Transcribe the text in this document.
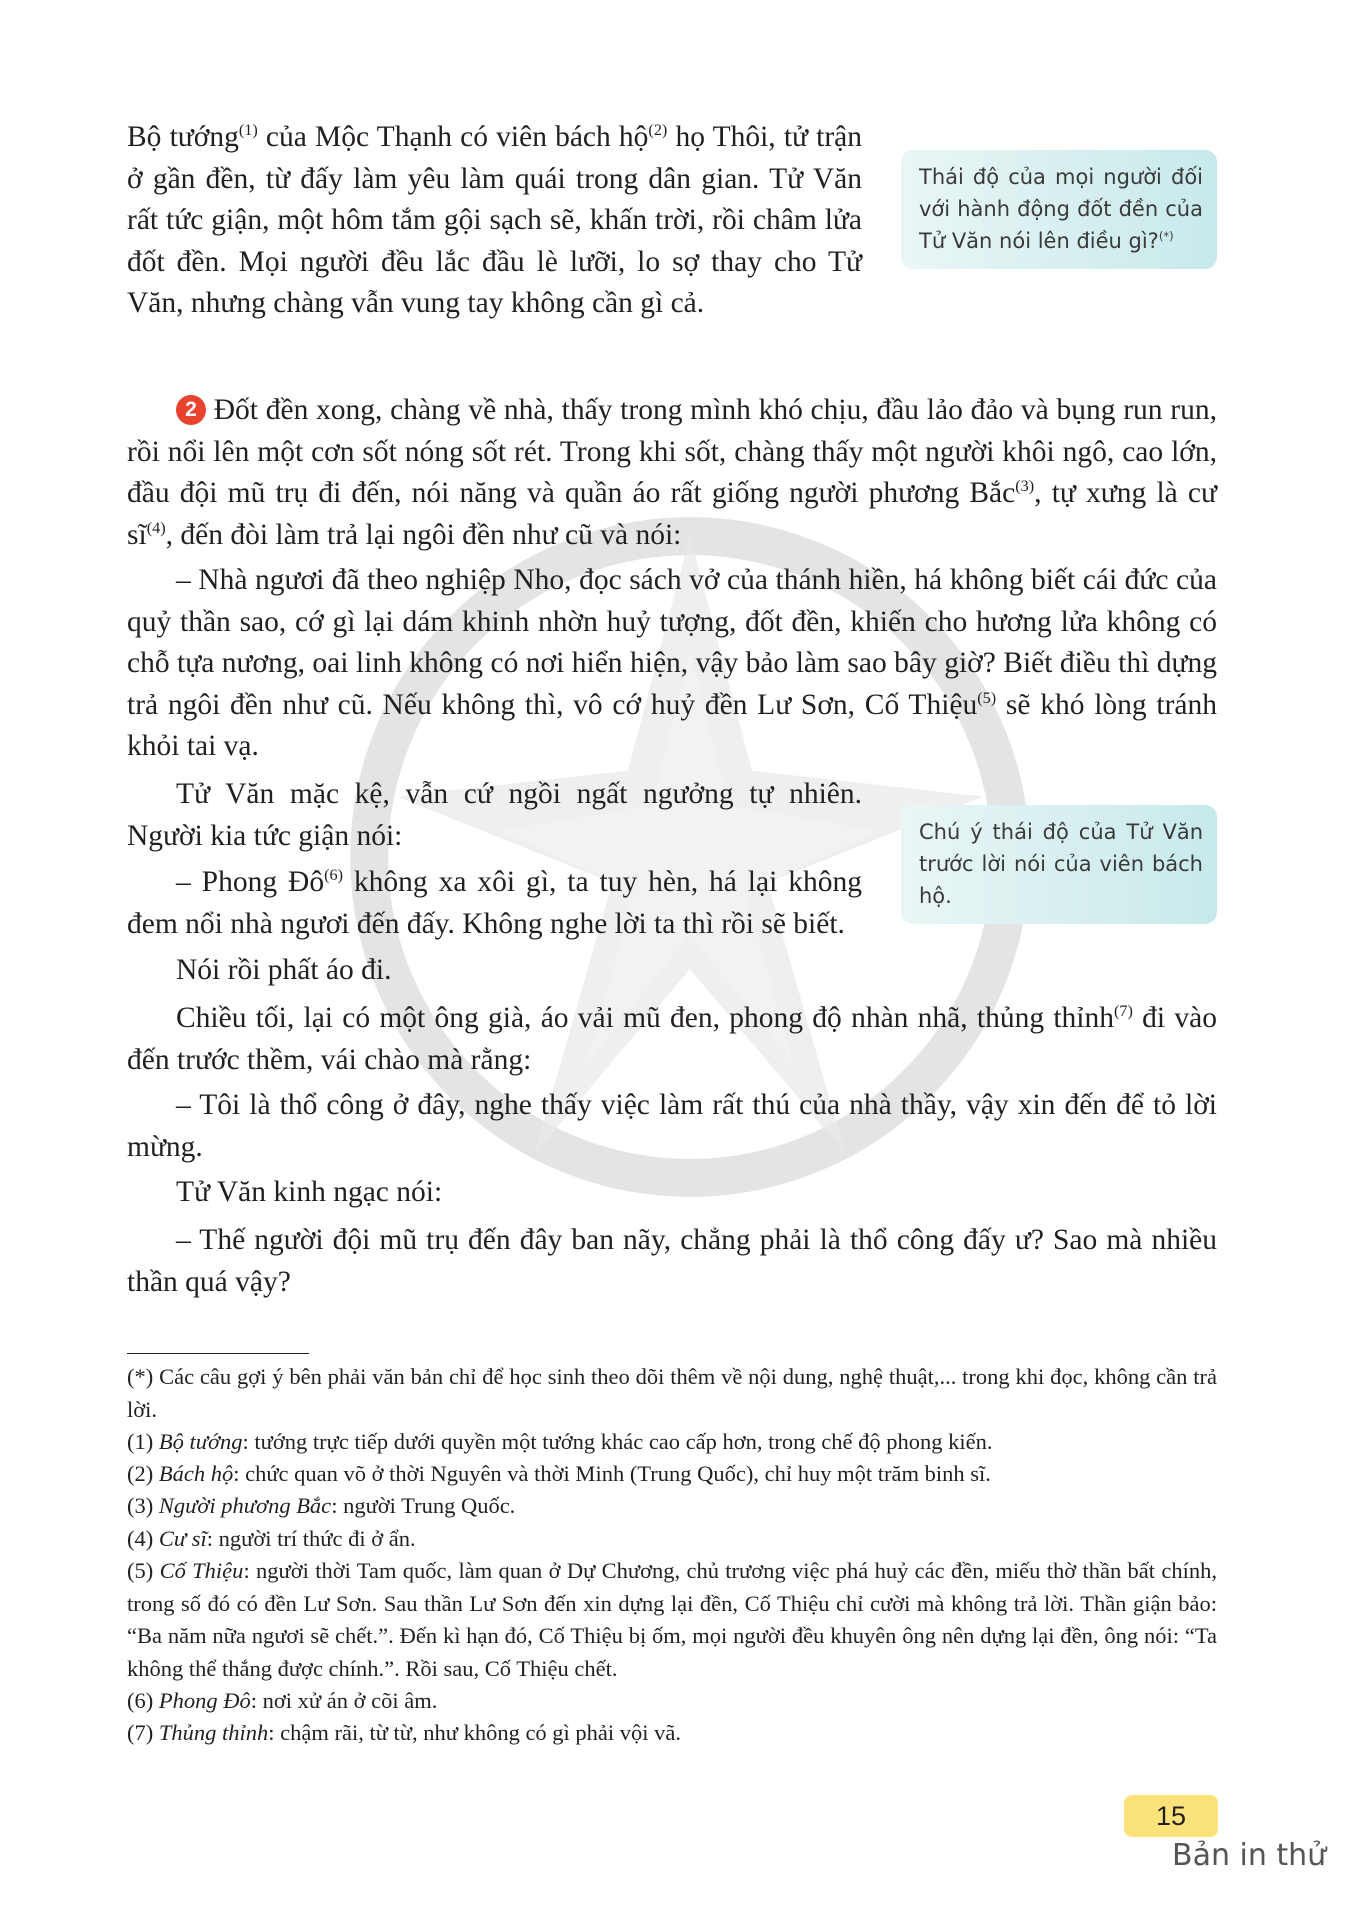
Bộ tướng$^{(1)}$ của Mộc Thạnh có viên bách hộ$^{(2)}$ họ Thôi, tử trận ở gần đền, từ đấy làm yêu làm quái trong dân gian. Tử Văn rất tức giận, một hôm tắm gội sạch sẽ, khấn trời, rồi châm lửa đốt đền. Mọi người đều lắc đầu lè lưỡi, lo sợ thay cho Tử Văn, nhưng chàng vẫn vung tay không cần gì cả.

Thái độ của mọi người đối với hành động đốt đền của Tử Văn nói lên điều gì?(*)

2 Đốt đền xong, chàng về nhà, thấy trong mình khó chịu, đầu lảo đảo và bụng run run, rồi nổi lên một cơn sốt nóng sốt rét. Trong khi sốt, chàng thấy một người khôi ngô, cao lớn, đầu đội mũ trụ đi đến, nói năng và quần áo rất giống người phương Bắc$^{(3)}$, tự xưng là cư $sĩ^{(4)}$, đến đòi làm trả lại ngôi đền như cũ và nói:

– Nhà ngươi đã theo nghiệp Nho, đọc sách vở của thánh hiền, há không biết cái đức của quỷ thần sao, cớ gì lại dám khinh nhờn huỷ tượng, đốt đền, khiến cho hương lửa không có chỗ tựa nương, oai linh không có nơi hiển hiện, vậy bảo làm sao bây giờ? Biết điều thì dựng trả ngôi đền như cũ. Nếu không thì, vô cớ huỷ đền Lư Sơn, Cố Thiệu$^{(5)}$ sẽ khó lòng tránh khỏi tai vạ.

Tử Văn mặc kệ, vẫn cứ ngồi ngất ngưởng tự nhiên. Người kia tức giận nói:	Chú ý thái độ của Tử Văn trước lời nói của viên bách hộ.

– Phong $Đô^{(6)}$ không xa xôi gì, ta tuy hèn, há lại không đem nổi nhà ngươi đến đấy. Không nghe lời ta thì rồi sẽ biết.

Nói rồi phất áo đi.

Chiều tối, lại có một ông già, áo vải mũ đen, phong độ nhàn nhã, thủng thỉnh$^{(7)}$ đi vào đến trước thềm, vái chào mà rằng:

– Tôi là thổ công ở đây, nghe thấy việc làm rất thú của nhà thầy, vậy xin đến để tỏ lời mừng.

Tử Văn kinh ngạc nói:

– Thế người đội mũ trụ đến đây ban nãy, chẳng phải là thổ công đấy ư? Sao mà nhiều thần quá vậy?

(*) Các câu gợi ý bên phải văn bản chỉ để học sinh theo dõi thêm về nội dung, nghệ thuật,... trong khi đọc, không cần trả lời.

(1) Bộ tướng: tướng trực tiếp dưới quyền một tướng khác cao cấp hơn, trong chế độ phong kiến.

(2) Bách hộ: chức quan võ ở thời Nguyên và thời Minh (Trung Quốc), chỉ huy một trăm binh sĩ.

(3) Người phương Bắc: người Trung Quốc.

(4) Cư sĩ: người trí thức đi ở ẩn.

(5) Cố Thiệu: người thời Tam quốc, làm quan ở Dự Chương, chủ trương việc phá huỷ các đền, miếu thờ thần bất chính, trong số đó có đền Lư Sơn. Sau thần Lư Sơn đến xin dựng lại đền, Cố Thiệu chỉ cười mà không trả lời. Thần giận bảo: “Ba năm nữa ngươi sẽ chết.”. Đến kì hạn đó, Cố Thiệu bị ốm, mọi người đều khuyên ông nên dựng lại đền, ông nói: “Ta không thể thắng được chính.”. Rồi sau, Cố Thiệu chết.

(6) Phong Đô: nơi xử án ở cõi âm.

(7) Thủng thỉnh: chậm rãi, từ từ, như không có gì phải vội vã.

15
Bản in thử
